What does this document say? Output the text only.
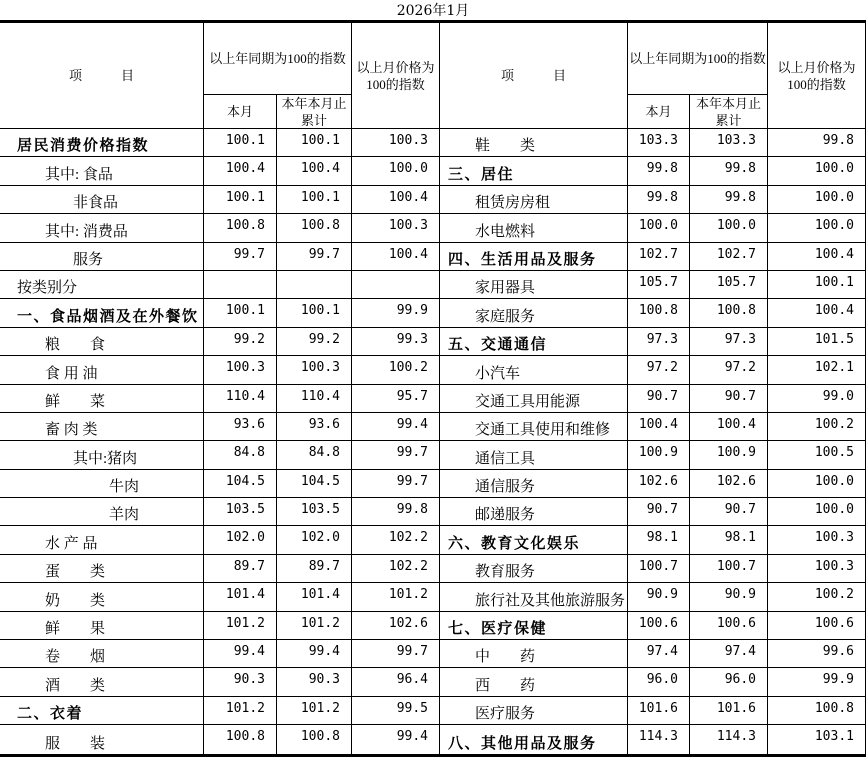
2026年1月
项　　　目
以上年同期为100的指数
以上月价格为100的指数
本月
本年本月止累计
居民消费价格指数	100.1	100.1	100.3
其中: 食品	100.4	100.4	100.0
非食品	100.1	100.1	100.4
其中: 消费品	100.8	100.8	100.3
服务	99.7	99.7	100.4
按类别分
一、食品烟酒及在外餐饮	100.1	100.1	99.9
粮　　食	99.2	99.2	99.3
食 用 油	100.3	100.3	100.2
鲜　　菜	110.4	110.4	95.7
畜 肉 类	93.6	93.6	99.4
其中:猪肉	84.8	84.8	99.7
牛肉	104.5	104.5	99.7
羊肉	103.5	103.5	99.8
水 产 品	102.0	102.0	102.2
蛋　　类	89.7	89.7	102.2
奶　　类	101.4	101.4	101.2
鲜　　果	101.2	101.2	102.6
卷　　烟	99.4	99.4	99.7
酒　　类	90.3	90.3	96.4
二、衣着	101.2	101.2	99.5
服　　装	100.8	100.8	99.4
项　　　目
以上年同期为100的指数
以上月价格为100的指数
本月
本年本月止累计
鞋　　类	103.3	103.3	99.8
三、居住	99.8	99.8	100.0
租赁房房租	99.8	99.8	100.0
水电燃料	100.0	100.0	100.0
四、生活用品及服务	102.7	102.7	100.4
家用器具	105.7	105.7	100.1
家庭服务	100.8	100.8	100.4
五、交通通信	97.3	97.3	101.5
小汽车	97.2	97.2	102.1
交通工具用能源	90.7	90.7	99.0
交通工具使用和维修	100.4	100.4	100.2
通信工具	100.9	100.9	100.5
通信服务	102.6	102.6	100.0
邮递服务	90.7	90.7	100.0
六、教育文化娱乐	98.1	98.1	100.3
教育服务	100.7	100.7	100.3
旅行社及其他旅游服务	90.9	90.9	100.2
七、医疗保健	100.6	100.6	100.6
中　　药	97.4	97.4	99.6
西　　药	96.0	96.0	99.9
医疗服务	101.6	101.6	100.8
八、其他用品及服务	114.3	114.3	103.1
